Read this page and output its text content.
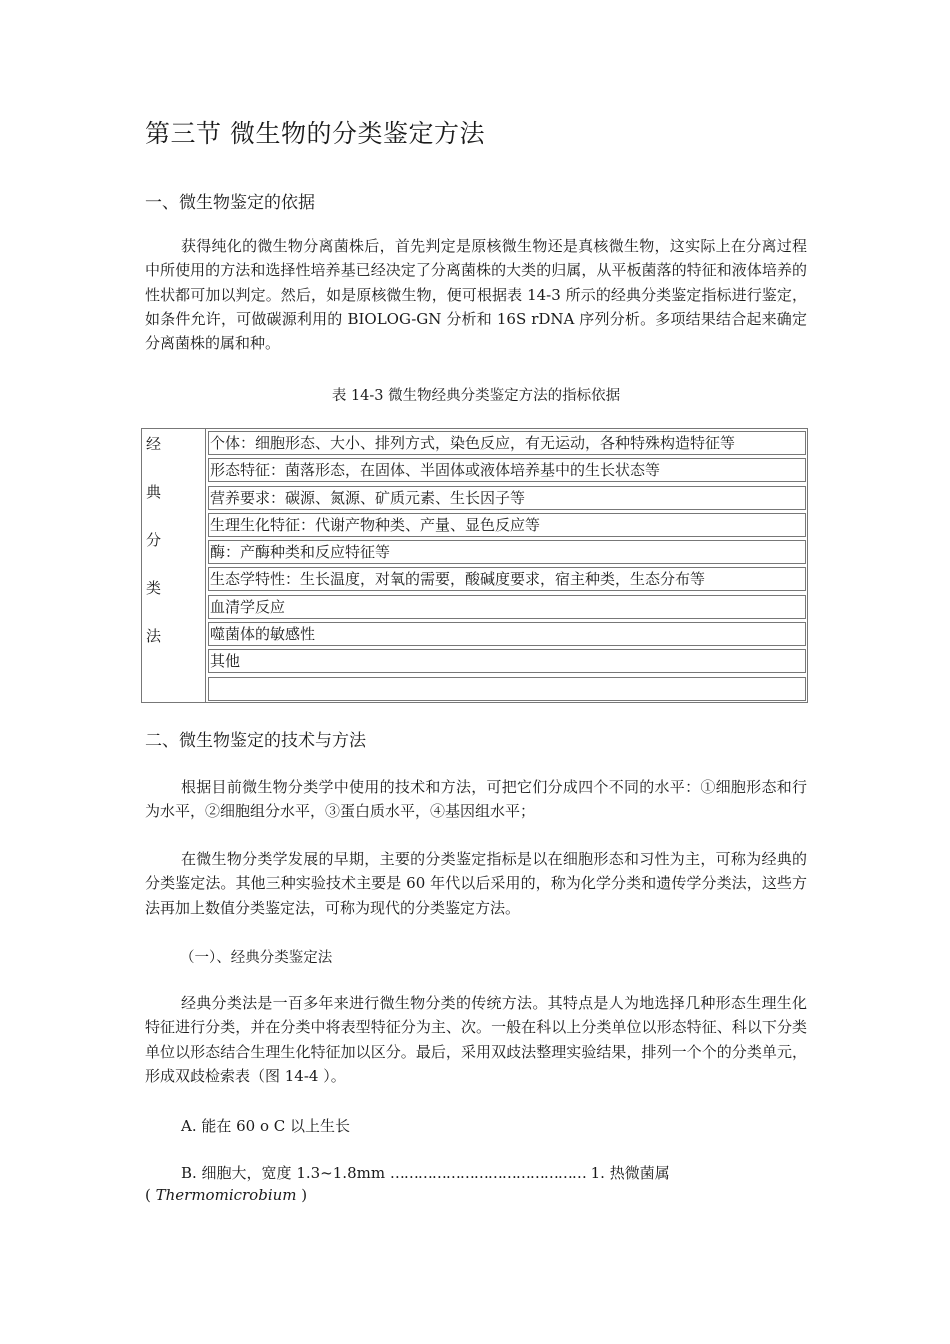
第三节 微生物的分类鉴定方法
一、微生物鉴定的依据
获得纯化的微生物分离菌株后，首先判定是原核微生物还是真核微生物，这实际上在分离过程中所使用的方法和选择性培养基已经决定了分离菌株的大类的归属，从平板菌落的特征和液体培养的性状都可加以判定。然后，如是原核微生物，便可根据表 14-3 所示的经典分类鉴定指标进行鉴定，如条件允许，可做碳源利用的 BIOLOG-GN 分析和 16S rDNA 序列分析。多项结果结合起来确定分离菌株的属和种。
表 14-3 微生物经典分类鉴定方法的指标依据
经
典
分
类
法
个体：细胞形态、大小、排列方式，染色反应，有无运动，各种特殊构造特征等
形态特征：菌落形态，在固体、半固体或液体培养基中的生长状态等
营养要求：碳源、氮源、矿质元素、生长因子等
生理生化特征：代谢产物种类、产量、显色反应等
酶：产酶种类和反应特征等
生态学特性：生长温度，对氧的需要，酸碱度要求，宿主种类，生态分布等
血清学反应
噬菌体的敏感性
其他
二、微生物鉴定的技术与方法
根据目前微生物分类学中使用的技术和方法，可把它们分成四个不同的水平：①细胞形态和行为水平，②细胞组分水平，③蛋白质水平，④基因组水平；
在微生物分类学发展的早期，主要的分类鉴定指标是以在细胞形态和习性为主，可称为经典的分类鉴定法。其他三种实验技术主要是 60 年代以后采用的，称为化学分类和遗传学分类法，这些方法再加上数值分类鉴定法，可称为现代的分类鉴定方法。
（一）、经典分类鉴定法
经典分类法是一百多年来进行微生物分类的传统方法。其特点是人为地选择几种形态生理生化特征进行分类，并在分类中将表型特征分为主、次。一般在科以上分类单位以形态特征、科以下分类单位以形态结合生理生化特征加以区分。最后，采用双歧法整理实验结果，排列一个个的分类单元，形成双歧检索表（图 14-4 ）。
A. 能在 60 o C 以上生长
B. 细胞大，宽度 1.3~1.8mm …………………………………… 1. 热微菌属
( Thermomicrobium )
